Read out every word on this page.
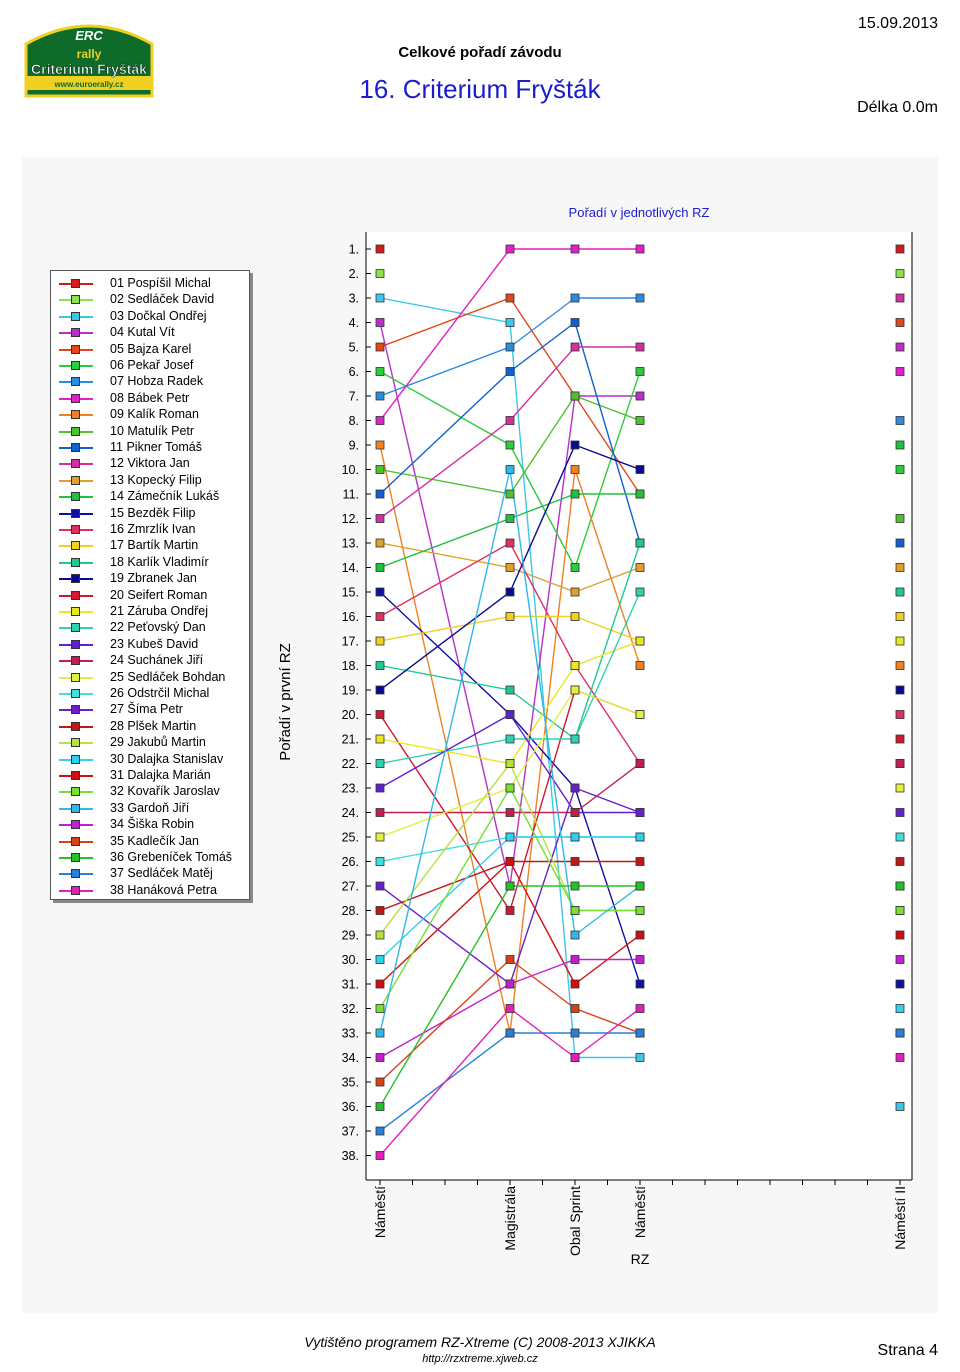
ERC
rally
Criterium Fryšták
www.euroerally.cz
Celkové pořadí závodu
16. Criterium Fryšták
15.09.2013
Délka 0.0m
1.
2.
3.
4.
5.
6.
7.
8.
9.
10.
11.
12.
13.
14.
15.
16.
17.
18.
19.
20.
21.
22.
23.
24.
25.
26.
27.
28.
29.
30.
31.
32.
33.
34.
35.
36.
37.
38.
Pořadí v jednotlivých RZ
Pořadí v první RZ
RZ
Náměstí	Magistrála	Obal Sprint	Náměstí	Náměstí II
01 Pospíšil Michal
02 Sedláček David
03 Dočkal Ondřej
04 Kutal Vít
05 Bajza Karel
06 Pekař Josef
07 Hobza Radek
08 Bábek Petr
09 Kalík Roman
10 Matulík Petr
11 Pikner Tomáš
12 Viktora Jan
13 Kopecký Filip
14 Zámečník Lukáš
15 Bezděk Filip
16 Zmrzlík Ivan
17 Bartík Martin
18 Karlík Vladimír
19 Zbranek Jan
20 Seifert Roman
21 Záruba Ondřej
22 Peťovský Dan
23 Kubeš David
24 Suchánek Jiří
25 Sedláček Bohdan
26 Odstrčil Michal
27 Šíma Petr
28 Plšek Martin
29 Jakubů Martin
30 Dalajka Stanislav
31 Dalajka Marián
32 Kovařík Jaroslav
33 Gardoň Jiří
34 Šiška Robin
35 Kadlečík Jan
36 Grebeníček Tomáš
37 Sedláček Matěj
38 Hanáková Petra
Vytištěno programem RZ-Xtreme (C) 2008-2013 XJIKKA
http://rzxtreme.xjweb.cz	Strana 4
